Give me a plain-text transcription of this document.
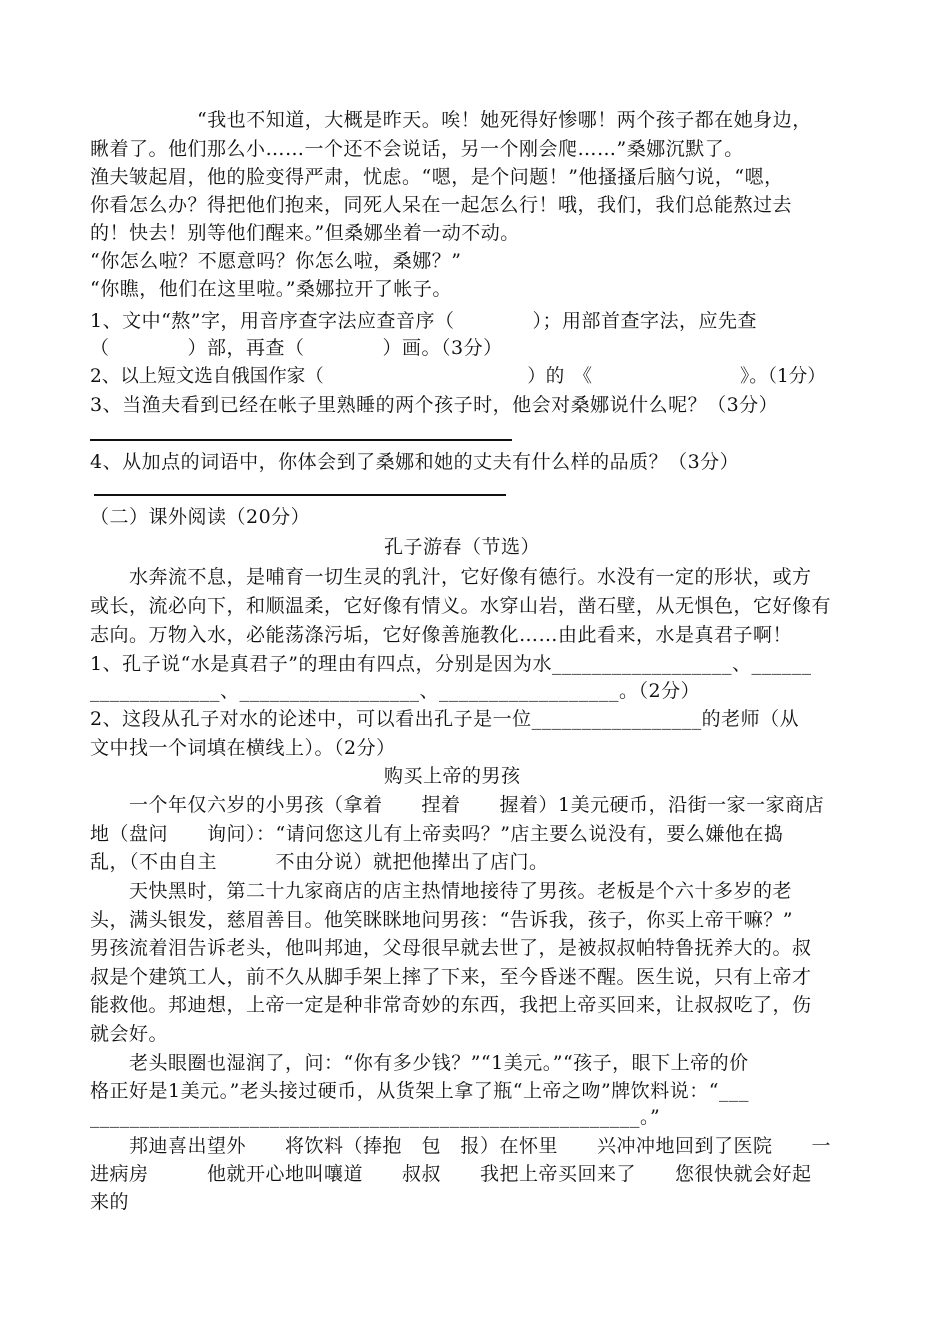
“我也不知道，大概是昨天。唉！她死得好惨哪！两个孩子都在她身边，
瞅着了。他们那么小……一个还不会说话，另一个刚会爬……”桑娜沉默了。
渔夫皱起眉，他的脸变得严肃，忧虑。“嗯，是个问题！”他搔搔后脑勺说，“嗯，
你看怎么办？得把他们抱来，同死人呆在一起怎么行！哦，我们，我们总能熬过去
的！快去！别等他们醒来。”但桑娜坐着一动不动。
“你怎么啦？不愿意吗？你怎么啦，桑娜？”
“你瞧，他们在这里啦。”桑娜拉开了帐子。
1、文中“熬”字，用音序查字法应查音序（　　　　）；用部首查字法，应先查
（　　　　）部，再查（　　　　）画。（3分）
2、以上短文选自俄国作家（　　　　　　　　　　　）的　《　　　　　　　　》。（1分）
3、当渔夫看到已经在帐子里熟睡的两个孩子时，他会对桑娜说什么呢？（3分）
4、从加点的词语中，你体会到了桑娜和她的丈夫有什么样的品质？（3分）
（二）课外阅读（20分）
孔子游春（节选）
　　水奔流不息，是哺育一切生灵的乳汁，它好像有德行。水没有一定的形状，或方
或长，流必向下，和顺温柔，它好像有情义。水穿山岩，凿石壁，从无惧色，它好像有
志向。万物入水，必能荡涤污垢，它好像善施教化……由此看来，水是真君子啊！
1、孔子说“水是真君子”的理由有四点，分别是因为水__________________、______
_____________、__________________、__________________。（2分）
2、这段从孔子对水的论述中，可以看出孔子是一位_________________的老师（从
文中找一个词填在横线上）。（2分）
购买上帝的男孩
　　一个年仅六岁的小男孩（拿着　　捏着　　握着）1美元硬币，沿街一家一家商店
地（盘问　　询问）：“请问您这儿有上帝卖吗？”店主要么说没有，要么嫌他在捣
乱，（不由自主　　　不由分说）就把他撵出了店门。
　　天快黑时，第二十九家商店的店主热情地接待了男孩。老板是个六十多岁的老
头，满头银发，慈眉善目。他笑眯眯地问男孩：“告诉我，孩子，你买上帝干嘛？”
男孩流着泪告诉老头，他叫邦迪，父母很早就去世了，是被叔叔帕特鲁抚养大的。叔
叔是个建筑工人，前不久从脚手架上摔了下来，至今昏迷不醒。医生说，只有上帝才
能救他。邦迪想，上帝一定是种非常奇妙的东西，我把上帝买回来，让叔叔吃了，伤
就会好。
　　老头眼圈也湿润了，问：“你有多少钱？”“1美元。”“孩子，眼下上帝的价
格正好是1美元。”老头接过硬币，从货架上拿了瓶“上帝之吻”牌饮料说：“___
_______________________________________________________。”
　　邦迪喜出望外　　将饮料（捧抱　包　报）在怀里　　兴冲冲地回到了医院　　一
进病房　　　他就开心地叫嚷道　　叔叔　　我把上帝买回来了　　您很快就会好起
来的
